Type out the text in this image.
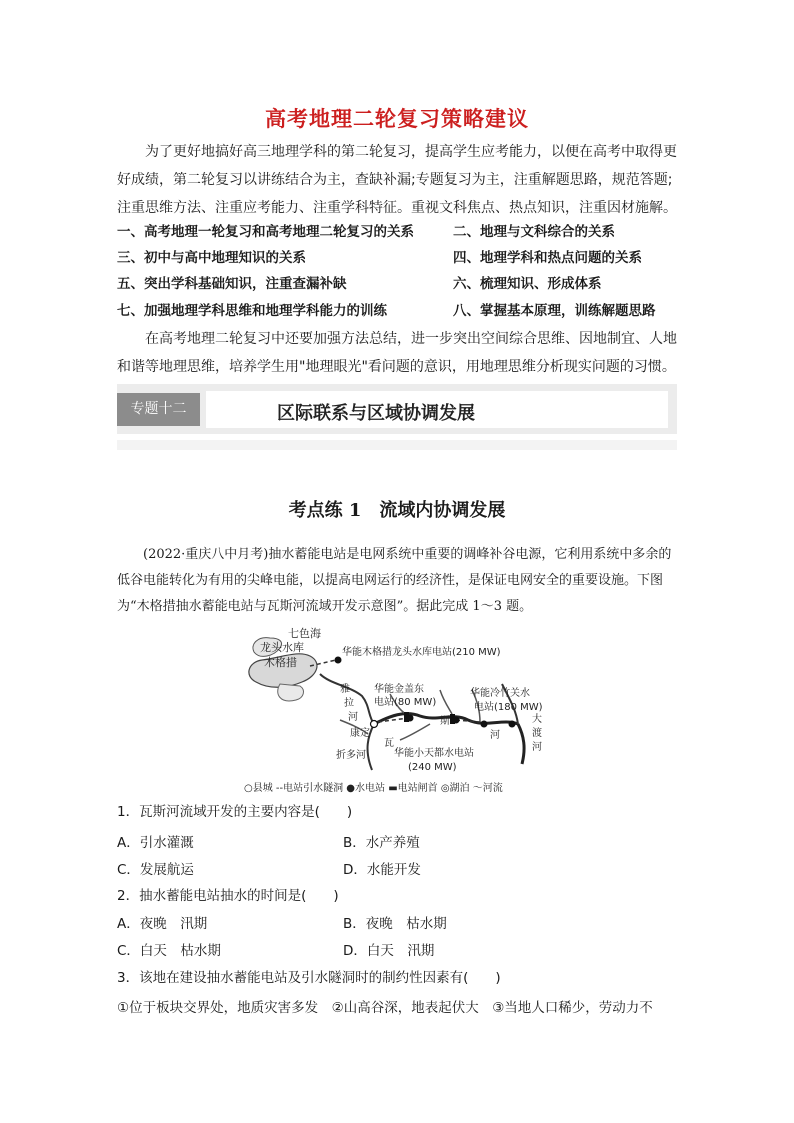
高考地理二轮复习策略建议
为了更好地搞好高三地理学科的第二轮复习，提高学生应考能力，以便在高考中取得更好成绩，第二轮复习以讲练结合为主，查缺补漏;专题复习为主，注重解题思路，规范答题;注重思维方法、注重应考能力、注重学科特征。重视文科焦点、热点知识，注重因材施解。
一、高考地理一轮复习和高考地理二轮复习的关系	二、地理与文科综合的关系
三、初中与高中地理知识的关系	四、地理学科和热点问题的关系
五、突出学科基础知识，注重查漏补缺	六、梳理知识、形成体系
七、加强地理学科思维和地理学科能力的训练	八、掌握基本原理，训练解题思路
在高考地理二轮复习中还要加强方法总结，进一步突出空间综合思维、因地制宜、人地和谐等地理思维，培养学生用"地理眼光"看问题的意识，用地理思维分析现实问题的习惯。
专题十二	区际联系与区域协调发展
考点练 1　流域内协调发展
(2022·重庆八中月考)抽水蓄能电站是电网系统中重要的调峰补谷电源，它利用系统中多余的低谷电能转化为有用的尖峰电能，以提高电网运行的经济性，是保证电网安全的重要设施。下图为“木格措抽水蓄能电站与瓦斯河流域开发示意图”。据此完成 1～3 题。
七色海
龙头水库
木格措
华能木格措龙头水库电站(210 MW)
雅
拉
河
华能金盖东
电站(80 MW)
华能冷竹关水
电站(180 MW)
康定
折多河
瓦
斯
河
华能小天都水电站
(240 MW)
大
渡
河
○县城 --电站引水隧洞 ●水电站 ▬电站闸首 ◎湖泊 〜河流
1．瓦斯河流域开发的主要内容是(　　)
A．引水灌溉	B．水产养殖
C．发展航运	D．水能开发
2．抽水蓄能电站抽水的时间是(　　)
A．夜晚　汛期	B．夜晚　枯水期
C．白天　枯水期	D．白天　汛期
3．该地在建设抽水蓄能电站及引水隧洞时的制约性因素有(　　)
①位于板块交界处，地质灾害多发　②山高谷深，地表起伏大　③当地人口稀少，劳动力不
